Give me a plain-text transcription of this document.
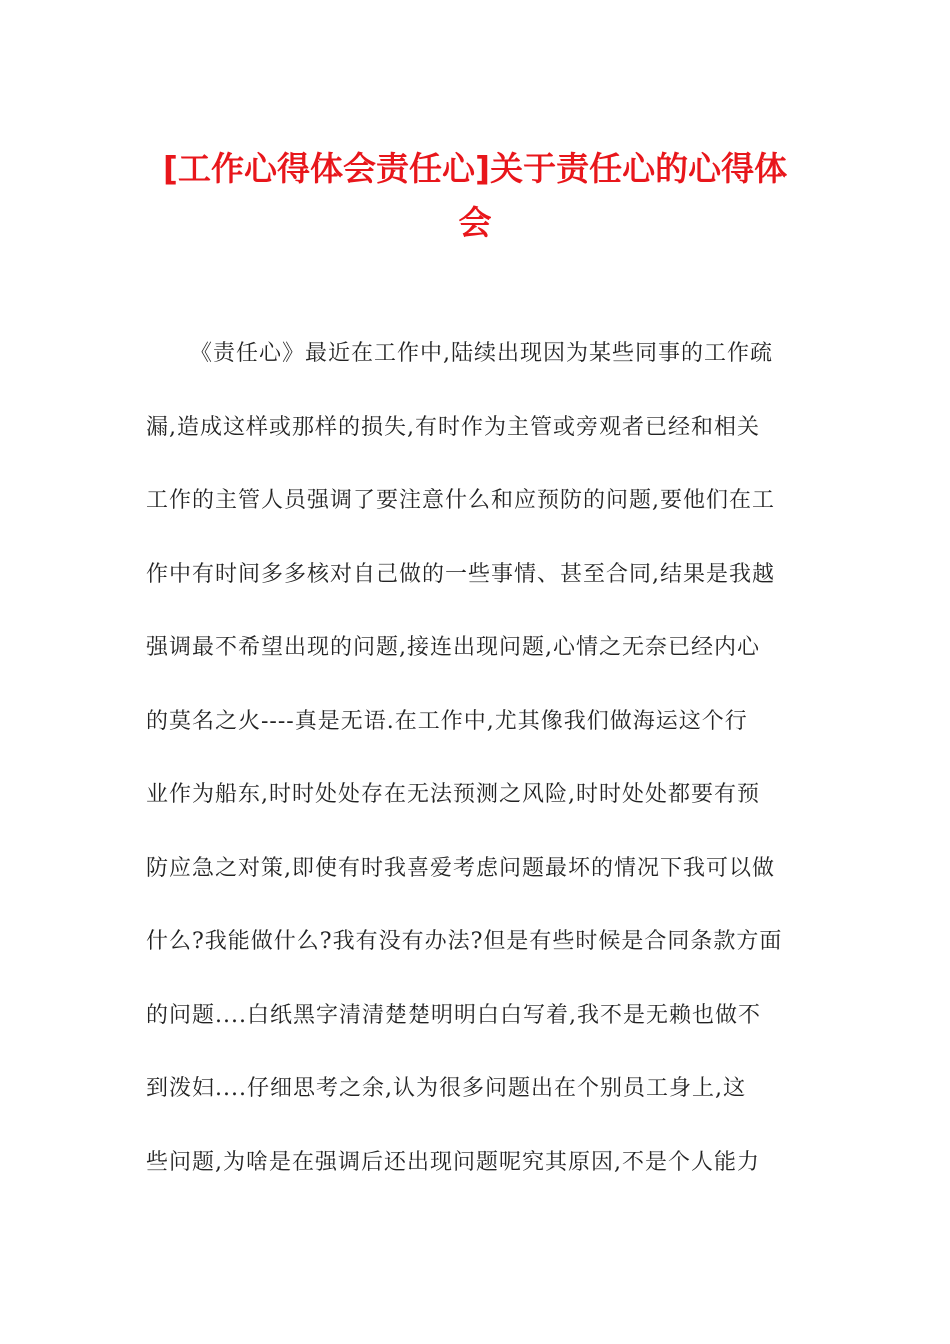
[工作心得体会责任心]关于责任心的心得体
会
《责任心》最近在工作中,陆续出现因为某些同事的工作疏
漏,造成这样或那样的损失,有时作为主管或旁观者已经和相关
工作的主管人员强调了要注意什么和应预防的问题,要他们在工
作中有时间多多核对自己做的一些事情、甚至合同,结果是我越
强调最不希望出现的问题,接连出现问题,心情之无奈已经内心
的莫名之火----真是无语.在工作中,尤其像我们做海运这个行
业作为船东,时时处处存在无法预测之风险,时时处处都要有预
防应急之对策,即使有时我喜爱考虑问题最坏的情况下我可以做
什么?我能做什么?我有没有办法?但是有些时候是合同条款方面
的问题....白纸黑字清清楚楚明明白白写着,我不是无赖也做不
到泼妇....仔细思考之余,认为很多问题出在个别员工身上,这
些问题,为啥是在强调后还出现问题呢究其原因,不是个人能力
